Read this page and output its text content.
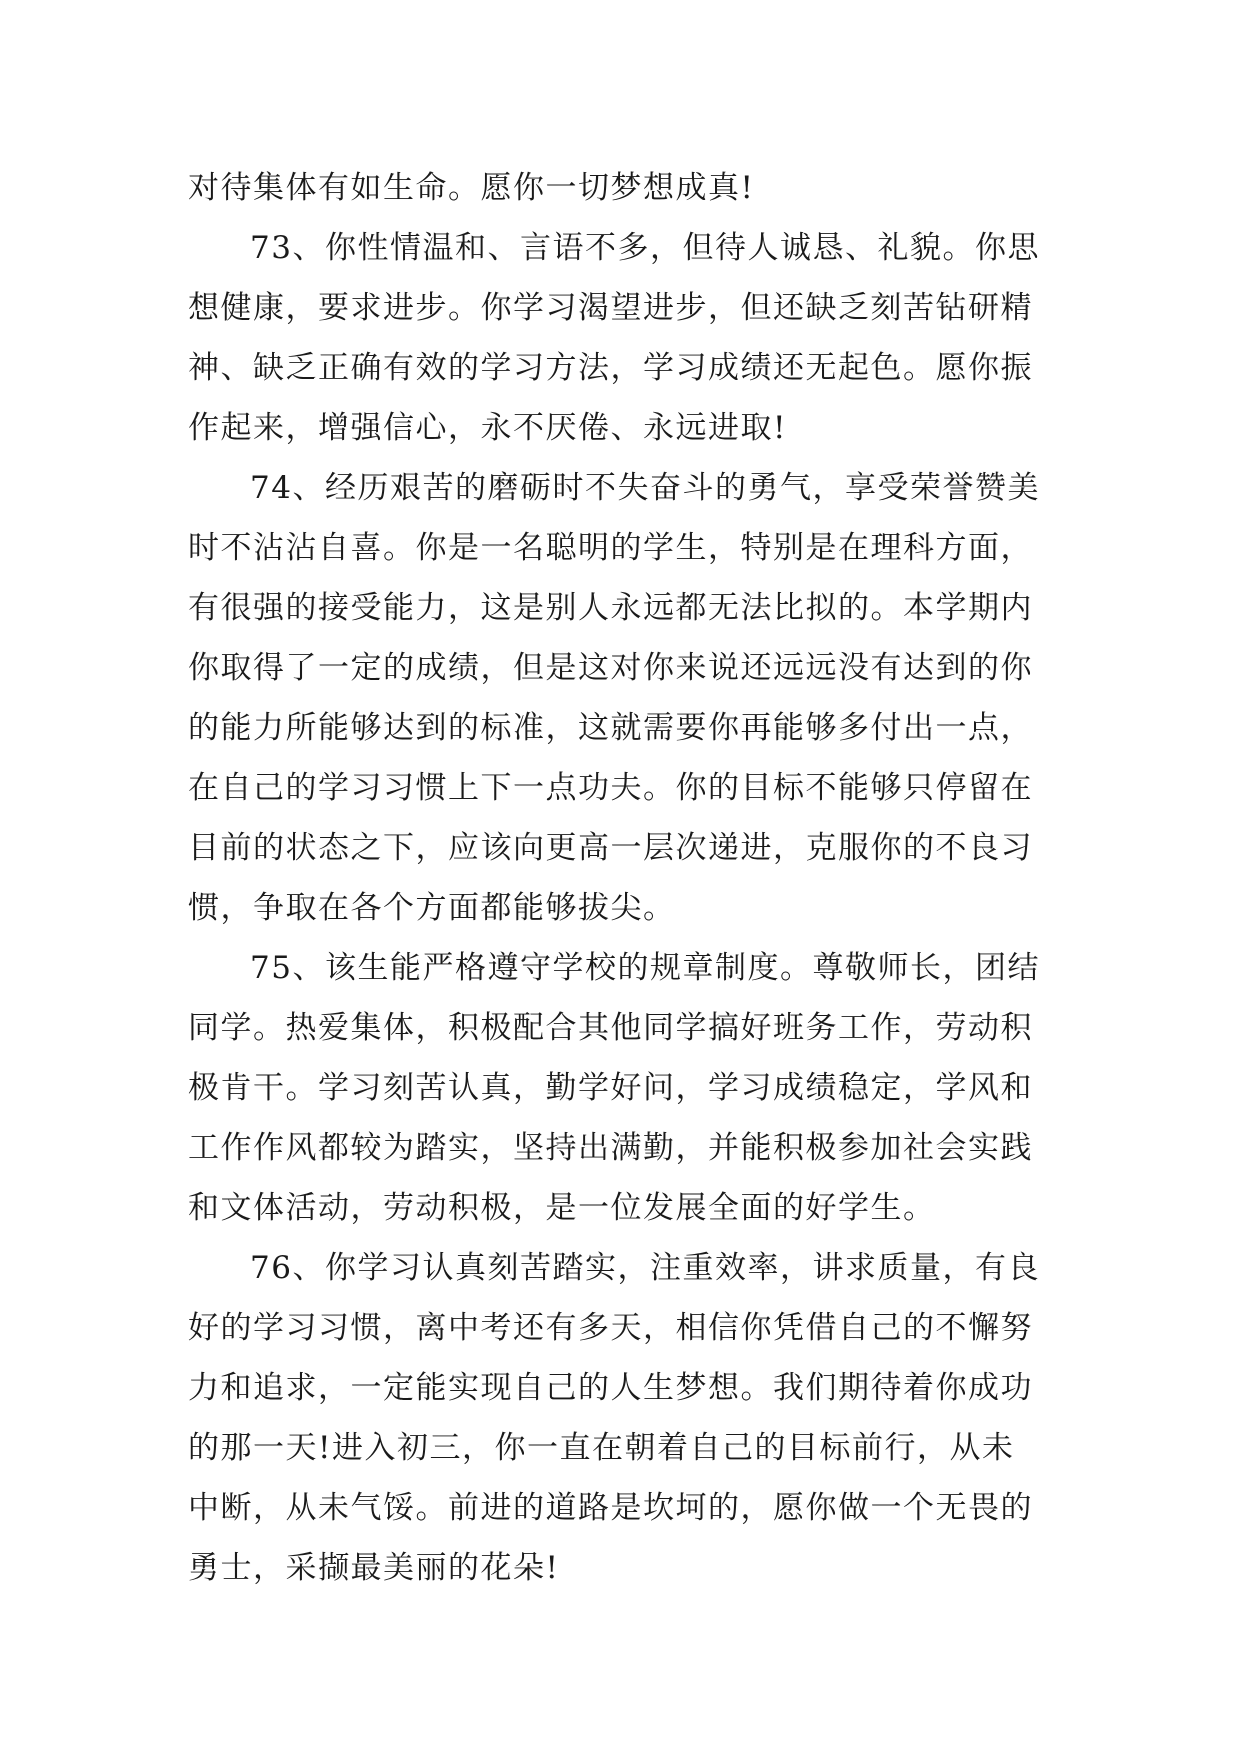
对待集体有如生命。愿你一切梦想成真!
73、你性情温和、言语不多，但待人诚恳、礼貌。你思
想健康，要求进步。你学习渴望进步，但还缺乏刻苦钻研精
神、缺乏正确有效的学习方法，学习成绩还无起色。愿你振
作起来，增强信心，永不厌倦、永远进取!
74、经历艰苦的磨砺时不失奋斗的勇气，享受荣誉赞美
时不沾沾自喜。你是一名聪明的学生，特别是在理科方面，
有很强的接受能力，这是别人永远都无法比拟的。本学期内
你取得了一定的成绩，但是这对你来说还远远没有达到的你
的能力所能够达到的标准，这就需要你再能够多付出一点，
在自己的学习习惯上下一点功夫。你的目标不能够只停留在
目前的状态之下，应该向更高一层次递进，克服你的不良习
惯，争取在各个方面都能够拔尖。
75、该生能严格遵守学校的规章制度。尊敬师长，团结
同学。热爱集体，积极配合其他同学搞好班务工作，劳动积
极肯干。学习刻苦认真，勤学好问，学习成绩稳定，学风和
工作作风都较为踏实，坚持出满勤，并能积极参加社会实践
和文体活动，劳动积极，是一位发展全面的好学生。
76、你学习认真刻苦踏实，注重效率，讲求质量，有良
好的学习习惯，离中考还有多天，相信你凭借自己的不懈努
力和追求，一定能实现自己的人生梦想。我们期待着你成功
的那一天!进入初三，你一直在朝着自己的目标前行，从未
中断，从未气馁。前进的道路是坎坷的，愿你做一个无畏的
勇士，采撷最美丽的花朵!
